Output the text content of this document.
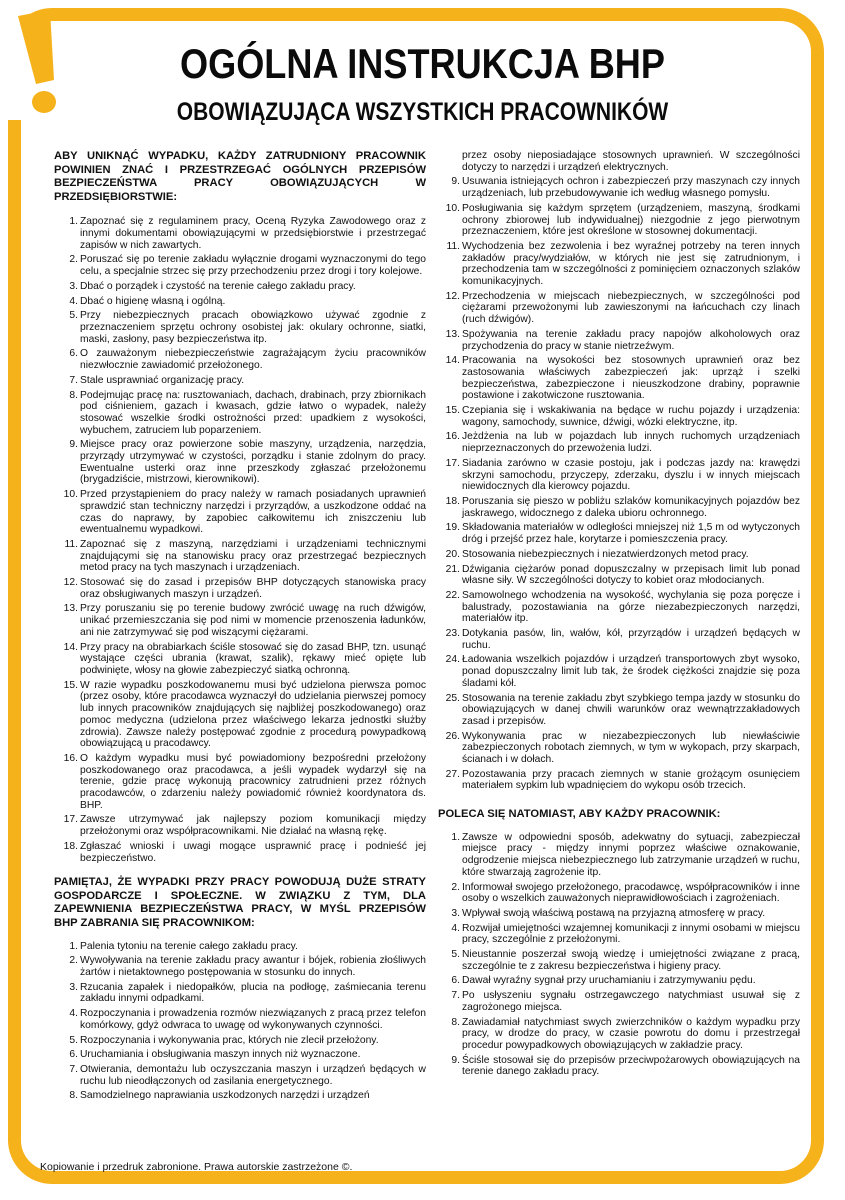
OGÓLNA INSTRUKCJA BHP
OBOWIĄZUJĄCA WSZYSTKICH PRACOWNIKÓW

ABY UNIKNĄĆ WYPADKU, KAŻDY ZATRUDNIONY PRACOWNIK POWINIEN ZNAĆ I PRZESTRZEGAĆ OGÓLNYCH PRZEPISÓW BEZPIECZEŃSTWA PRACY OBOWIĄZUJĄCYCH W PRZEDSIĘBIORSTWIE:

1. Zapoznać się z regulaminem pracy, Oceną Ryzyka Zawodowego oraz z innymi dokumentami obowiązującymi w przedsiębiorstwie i przestrzegać zapisów w nich zawartych.
2. Poruszać się po terenie zakładu wyłącznie drogami wyznaczonymi do tego celu, a specjalnie strzec się przy przechodzeniu przez drogi i tory kolejowe.
3. Dbać o porządek i czystość na terenie całego zakładu pracy.
4. Dbać o higienę własną i ogólną.
5. Przy niebezpiecznych pracach obowiązkowo używać zgodnie z przeznaczeniem sprzętu ochrony osobistej jak: okulary ochronne, siatki, maski, zasłony, pasy bezpieczeństwa itp.
6. O zauważonym niebezpieczeństwie zagrażającym życiu pracowników niezwłocznie zawiadomić przełożonego.
7. Stale usprawniać organizację pracy.
8. Podejmując pracę na: rusztowaniach, dachach, drabinach, przy zbiornikach pod ciśnieniem, gazach i kwasach, gdzie łatwo o wypadek, należy stosować wszelkie środki ostrożności przed: upadkiem z wysokości, wybuchem, zatruciem lub poparzeniem.
9. Miejsce pracy oraz powierzone sobie maszyny, urządzenia, narzędzia, przyrządy utrzymywać w czystości, porządku i stanie zdolnym do pracy. Ewentualne usterki oraz inne przeszkody zgłaszać przełożonemu (brygadziście, mistrzowi, kierownikowi).
10. Przed przystąpieniem do pracy należy w ramach posiadanych uprawnień sprawdzić stan techniczny narzędzi i przyrządów, a uszkodzone oddać na czas do naprawy, by zapobiec całkowitemu ich zniszczeniu lub ewentualnemu wypadkowi.
11. Zapoznać się z maszyną, narzędziami i urządzeniami technicznymi znajdującymi się na stanowisku pracy oraz przestrzegać bezpiecznych metod pracy na tych maszynach i urządzeniach.
12. Stosować się do zasad i przepisów BHP dotyczących stanowiska pracy oraz obsługiwanych maszyn i urządzeń.
13. Przy poruszaniu się po terenie budowy zwrócić uwagę na ruch dźwigów, unikać przemieszczania się pod nimi w momencie przenoszenia ładunków, ani nie zatrzymywać się pod wiszącymi ciężarami.
14. Przy pracy na obrabiarkach ściśle stosować się do zasad BHP, tzn. usunąć wystające części ubrania (krawat, szalik), rękawy mieć opięte lub podwinięte, włosy na głowie zabezpieczyć siatką ochronną.
15. W razie wypadku poszkodowanemu musi być udzielona pierwsza pomoc (przez osoby, które pracodawca wyznaczył do udzielania pierwszej pomocy lub innych pracowników znajdujących się najbliżej poszkodowanego) oraz pomoc medyczna (udzielona przez właściwego lekarza jednostki służby zdrowia). Zawsze należy postępować zgodnie z procedurą powypadkową obowiązującą u pracodawcy.
16. O każdym wypadku musi być powiadomiony bezpośredni przełożony poszkodowanego oraz pracodawca, a jeśli wypadek wydarzył się na terenie, gdzie pracę wykonują pracownicy zatrudnieni przez różnych pracodawców, o zdarzeniu należy powiadomić również koordynatora ds. BHP.
17. Zawsze utrzymywać jak najlepszy poziom komunikacji między przełożonymi oraz współpracownikami. Nie działać na własną rękę.
18. Zgłaszać wnioski i uwagi mogące usprawnić pracę i podnieść jej bezpieczeństwo.

PAMIĘTAJ, ŻE WYPADKI PRZY PRACY POWODUJĄ DUŻE STRATY GOSPODARCZE I SPOŁECZNE. W ZWIĄZKU Z TYM, DLA ZAPEWNIENIA BEZPIECZEŃSTWA PRACY, W MYŚL PRZEPISÓW BHP ZABRANIA SIĘ PRACOWNIKOM:

1. Palenia tytoniu na terenie całego zakładu pracy.
2. Wywoływania na terenie zakładu pracy awantur i bójek, robienia złośliwych żartów i nietaktownego postępowania w stosunku do innych.
3. Rzucania zapałek i niedopałków, plucia na podłogę, zaśmiecania terenu zakładu innymi odpadkami.
4. Rozpoczynania i prowadzenia rozmów niezwiązanych z pracą przez telefon komórkowy, gdyż odwraca to uwagę od wykonywanych czynności.
5. Rozpoczynania i wykonywania prac, których nie zlecił przełożony.
6. Uruchamiania i obsługiwania maszyn innych niż wyznaczone.
7. Otwierania, demontażu lub oczyszczania maszyn i urządzeń będących w ruchu lub nieodłączonych od zasilania energetycznego.
8. Samodzielnego naprawiania uszkodzonych narzędzi i urządzeń
przez osoby nieposiadające stosownych uprawnień. W szczególności dotyczy to narzędzi i urządzeń elektrycznych.
9. Usuwania istniejących ochron i zabezpieczeń przy maszynach czy innych urządzeniach, lub przebudowywanie ich według własnego pomysłu.
10. Posługiwania się każdym sprzętem (urządzeniem, maszyną, środkami ochrony zbiorowej lub indywidualnej) niezgodnie z jego pierwotnym przeznaczeniem, które jest określone w stosownej dokumentacji.
11. Wychodzenia bez zezwolenia i bez wyraźnej potrzeby na teren innych zakładów pracy/wydziałów, w których nie jest się zatrudnionym, i przechodzenia tam w szczególności z pominięciem oznaczonych szlaków komunikacyjnych.
12. Przechodzenia w miejscach niebezpiecznych, w szczególności pod ciężarami przewożonymi lub zawieszonymi na łańcuchach czy linach (ruch dźwigów).
13. Spożywania na terenie zakładu pracy napojów alkoholowych oraz przychodzenia do pracy w stanie nietrzeźwym.
14. Pracowania na wysokości bez stosownych uprawnień oraz bez zastosowania właściwych zabezpieczeń jak: uprząż i szelki bezpieczeństwa, zabezpieczone i nieuszkodzone drabiny, poprawnie postawione i zakotwiczone rusztowania.
15. Czepiania się i wskakiwania na będące w ruchu pojazdy i urządzenia: wagony, samochody, suwnice, dźwigi, wózki elektryczne, itp.
16. Jeżdżenia na lub w pojazdach lub innych ruchomych urządzeniach nieprzeznaczonych do przewożenia ludzi.
17. Siadania zarówno w czasie postoju, jak i podczas jazdy na: krawędzi skrzyni samochodu, przyczepy, zderzaku, dyszlu i w innych miejscach niewidocznych dla kierowcy pojazdu.
18. Poruszania się pieszo w pobliżu szlaków komunikacyjnych pojazdów bez jaskrawego, widocznego z daleka ubioru ochronnego.
19. Składowania materiałów w odległości mniejszej niż 1,5 m od wytyczonych dróg i przejść przez hale, korytarze i pomieszczenia pracy.
20. Stosowania niebezpiecznych i niezatwierdzonych metod pracy.
21. Dźwigania ciężarów ponad dopuszczalny w przepisach limit lub ponad własne siły. W szczególności dotyczy to kobiet oraz młodocianych.
22. Samowolnego wchodzenia na wysokość, wychylania się poza poręcze i balustrady, pozostawiania na górze niezabezpieczonych narzędzi, materiałów itp.
23. Dotykania pasów, lin, wałów, kół, przyrządów i urządzeń będących w ruchu.
24. Ładowania wszelkich pojazdów i urządzeń transportowych zbyt wysoko, ponad dopuszczalny limit lub tak, że środek ciężkości znajdzie się poza śladami kół.
25. Stosowania na terenie zakładu zbyt szybkiego tempa jazdy w stosunku do obowiązujących w danej chwili warunków oraz wewnątrzzakładowych zasad i przepisów.
26. Wykonywania prac w niezabezpieczonych lub niewłaściwie zabezpieczonych robotach ziemnych, w tym w wykopach, przy skarpach, ścianach i w dołach.
27. Pozostawania przy pracach ziemnych w stanie grożącym osunięciem materiałem sypkim lub wpadnięciem do wykopu osób trzecich.

POLECA SIĘ NATOMIAST, ABY KAŻDY PRACOWNIK:

1. Zawsze w odpowiedni sposób, adekwatny do sytuacji, zabezpieczał miejsce pracy - między innymi poprzez właściwe oznakowanie, odgrodzenie miejsca niebezpiecznego lub zatrzymanie urządzeń w ruchu, które stwarzają zagrożenie itp.
2. Informował swojego przełożonego, pracodawcę, współpracowników i inne osoby o wszelkich zauważonych nieprawidłowościach i zagrożeniach.
3. Wpływał swoją właściwą postawą na przyjazną atmosferę w pracy.
4. Rozwijał umiejętności wzajemnej komunikacji z innymi osobami w miejscu pracy, szczególnie z przełożonymi.
5. Nieustannie poszerzał swoją wiedzę i umiejętności związane z pracą, szczególnie te z zakresu bezpieczeństwa i higieny pracy.
6. Dawał wyraźny sygnał przy uruchamianiu i zatrzymywaniu pędu.
7. Po usłyszeniu sygnału ostrzegawczego natychmiast usuwał się z zagrożonego miejsca.
8. Zawiadamiał natychmiast swych zwierzchników o każdym wypadku przy pracy, w drodze do pracy, w czasie powrotu do domu i przestrzegał procedur powypadkowych obowiązujących w zakładzie pracy.
9. Ściśle stosował się do przepisów przeciwpożarowych obowiązujących na terenie danego zakładu pracy.
Kopiowanie i przedruk zabronione. Prawa autorskie zastrzeżone ©.
